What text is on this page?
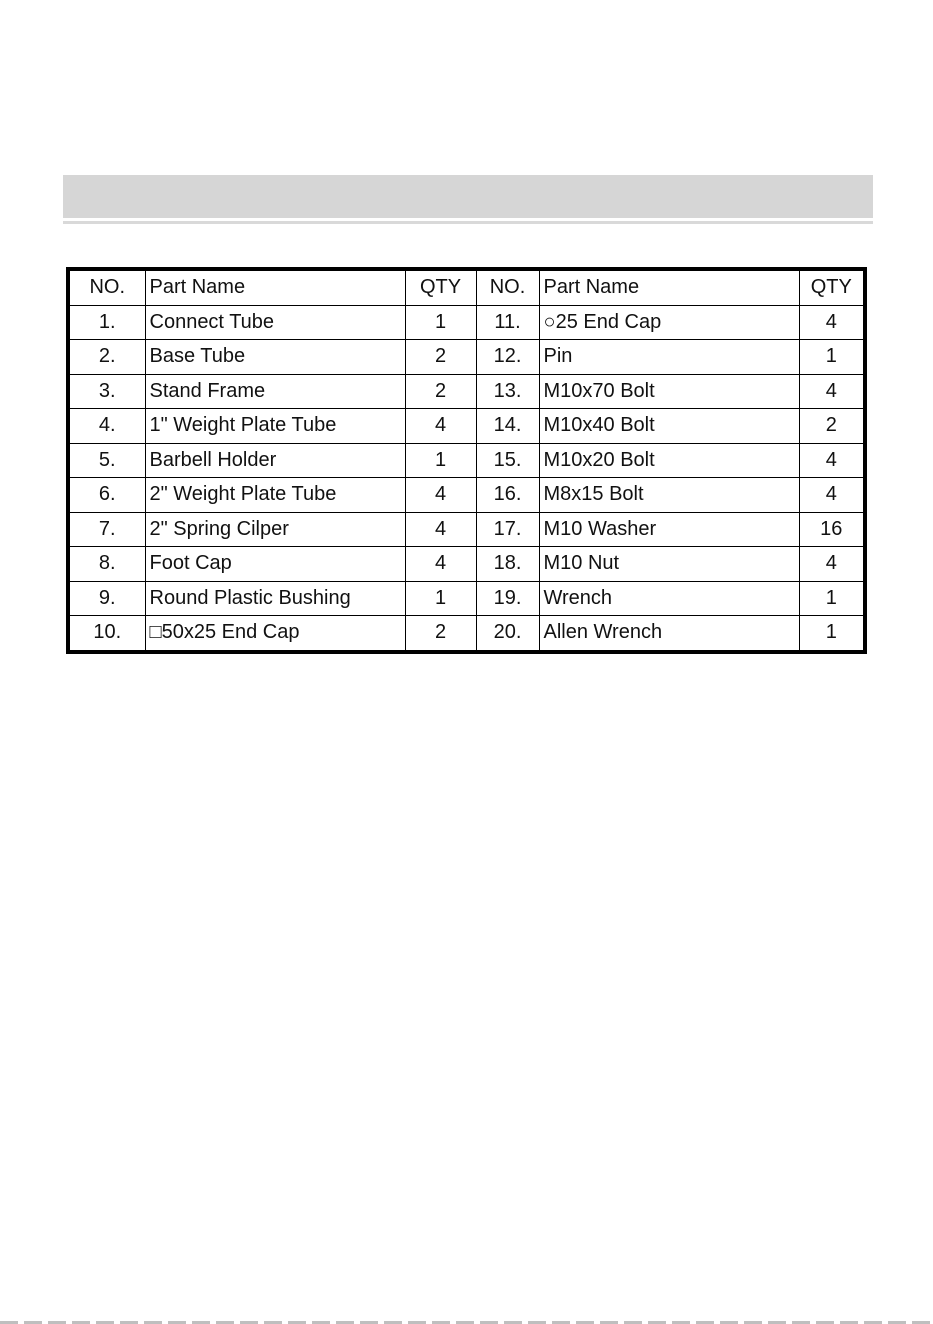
NO.	Part Name	QTY	NO.	Part Name	QTY
1.	Connect Tube	1	11.	○25 End Cap	4
2.	Base Tube	2	12.	Pin	1
3.	Stand Frame	2	13.	M10x70 Bolt	4
4.	1" Weight Plate Tube	4	14.	M10x40 Bolt	2
5.	Barbell Holder	1	15.	M10x20 Bolt	4
6.	2" Weight Plate Tube	4	16.	M8x15 Bolt	4
7.	2" Spring Cilper	4	17.	M10 Washer	16
8.	Foot Cap	4	18.	M10 Nut	4
9.	Round Plastic Bushing	1	19.	Wrench	1
10.	□50x25 End Cap	2	20.	Allen Wrench	1
